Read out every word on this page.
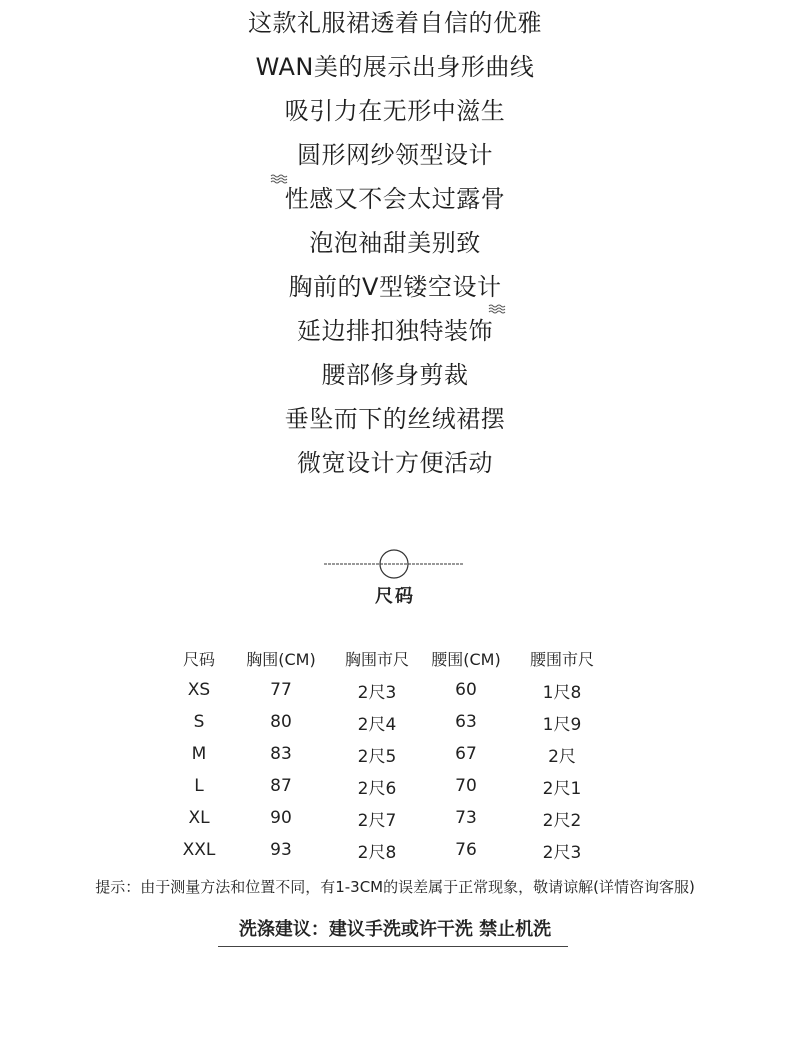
这款礼服裙透着自信的优雅
WAN美的展示出身形曲线
吸引力在无形中滋生
圆形网纱领型设计
性感又不会太过露骨
泡泡袖甜美别致
胸前的V型镂空设计
延边排扣独特装饰
腰部修身剪裁
垂坠而下的丝绒裙摆
微宽设计方便活动
尺码
尺码	胸围(CM)	胸围市尺	腰围(CM)	腰围市尺
XS	77	2尺3	60	1尺8
S	80	2尺4	63	1尺9
M	83	2尺5	67	2尺
L	87	2尺6	70	2尺1
XL	90	2尺7	73	2尺2
XXL	93	2尺8	76	2尺3
提示：由于测量方法和位置不同，有1-3CM的误差属于正常现象，敬请谅解(详情咨询客服)
洗涤建议：建议手洗或许干洗 禁止机洗
